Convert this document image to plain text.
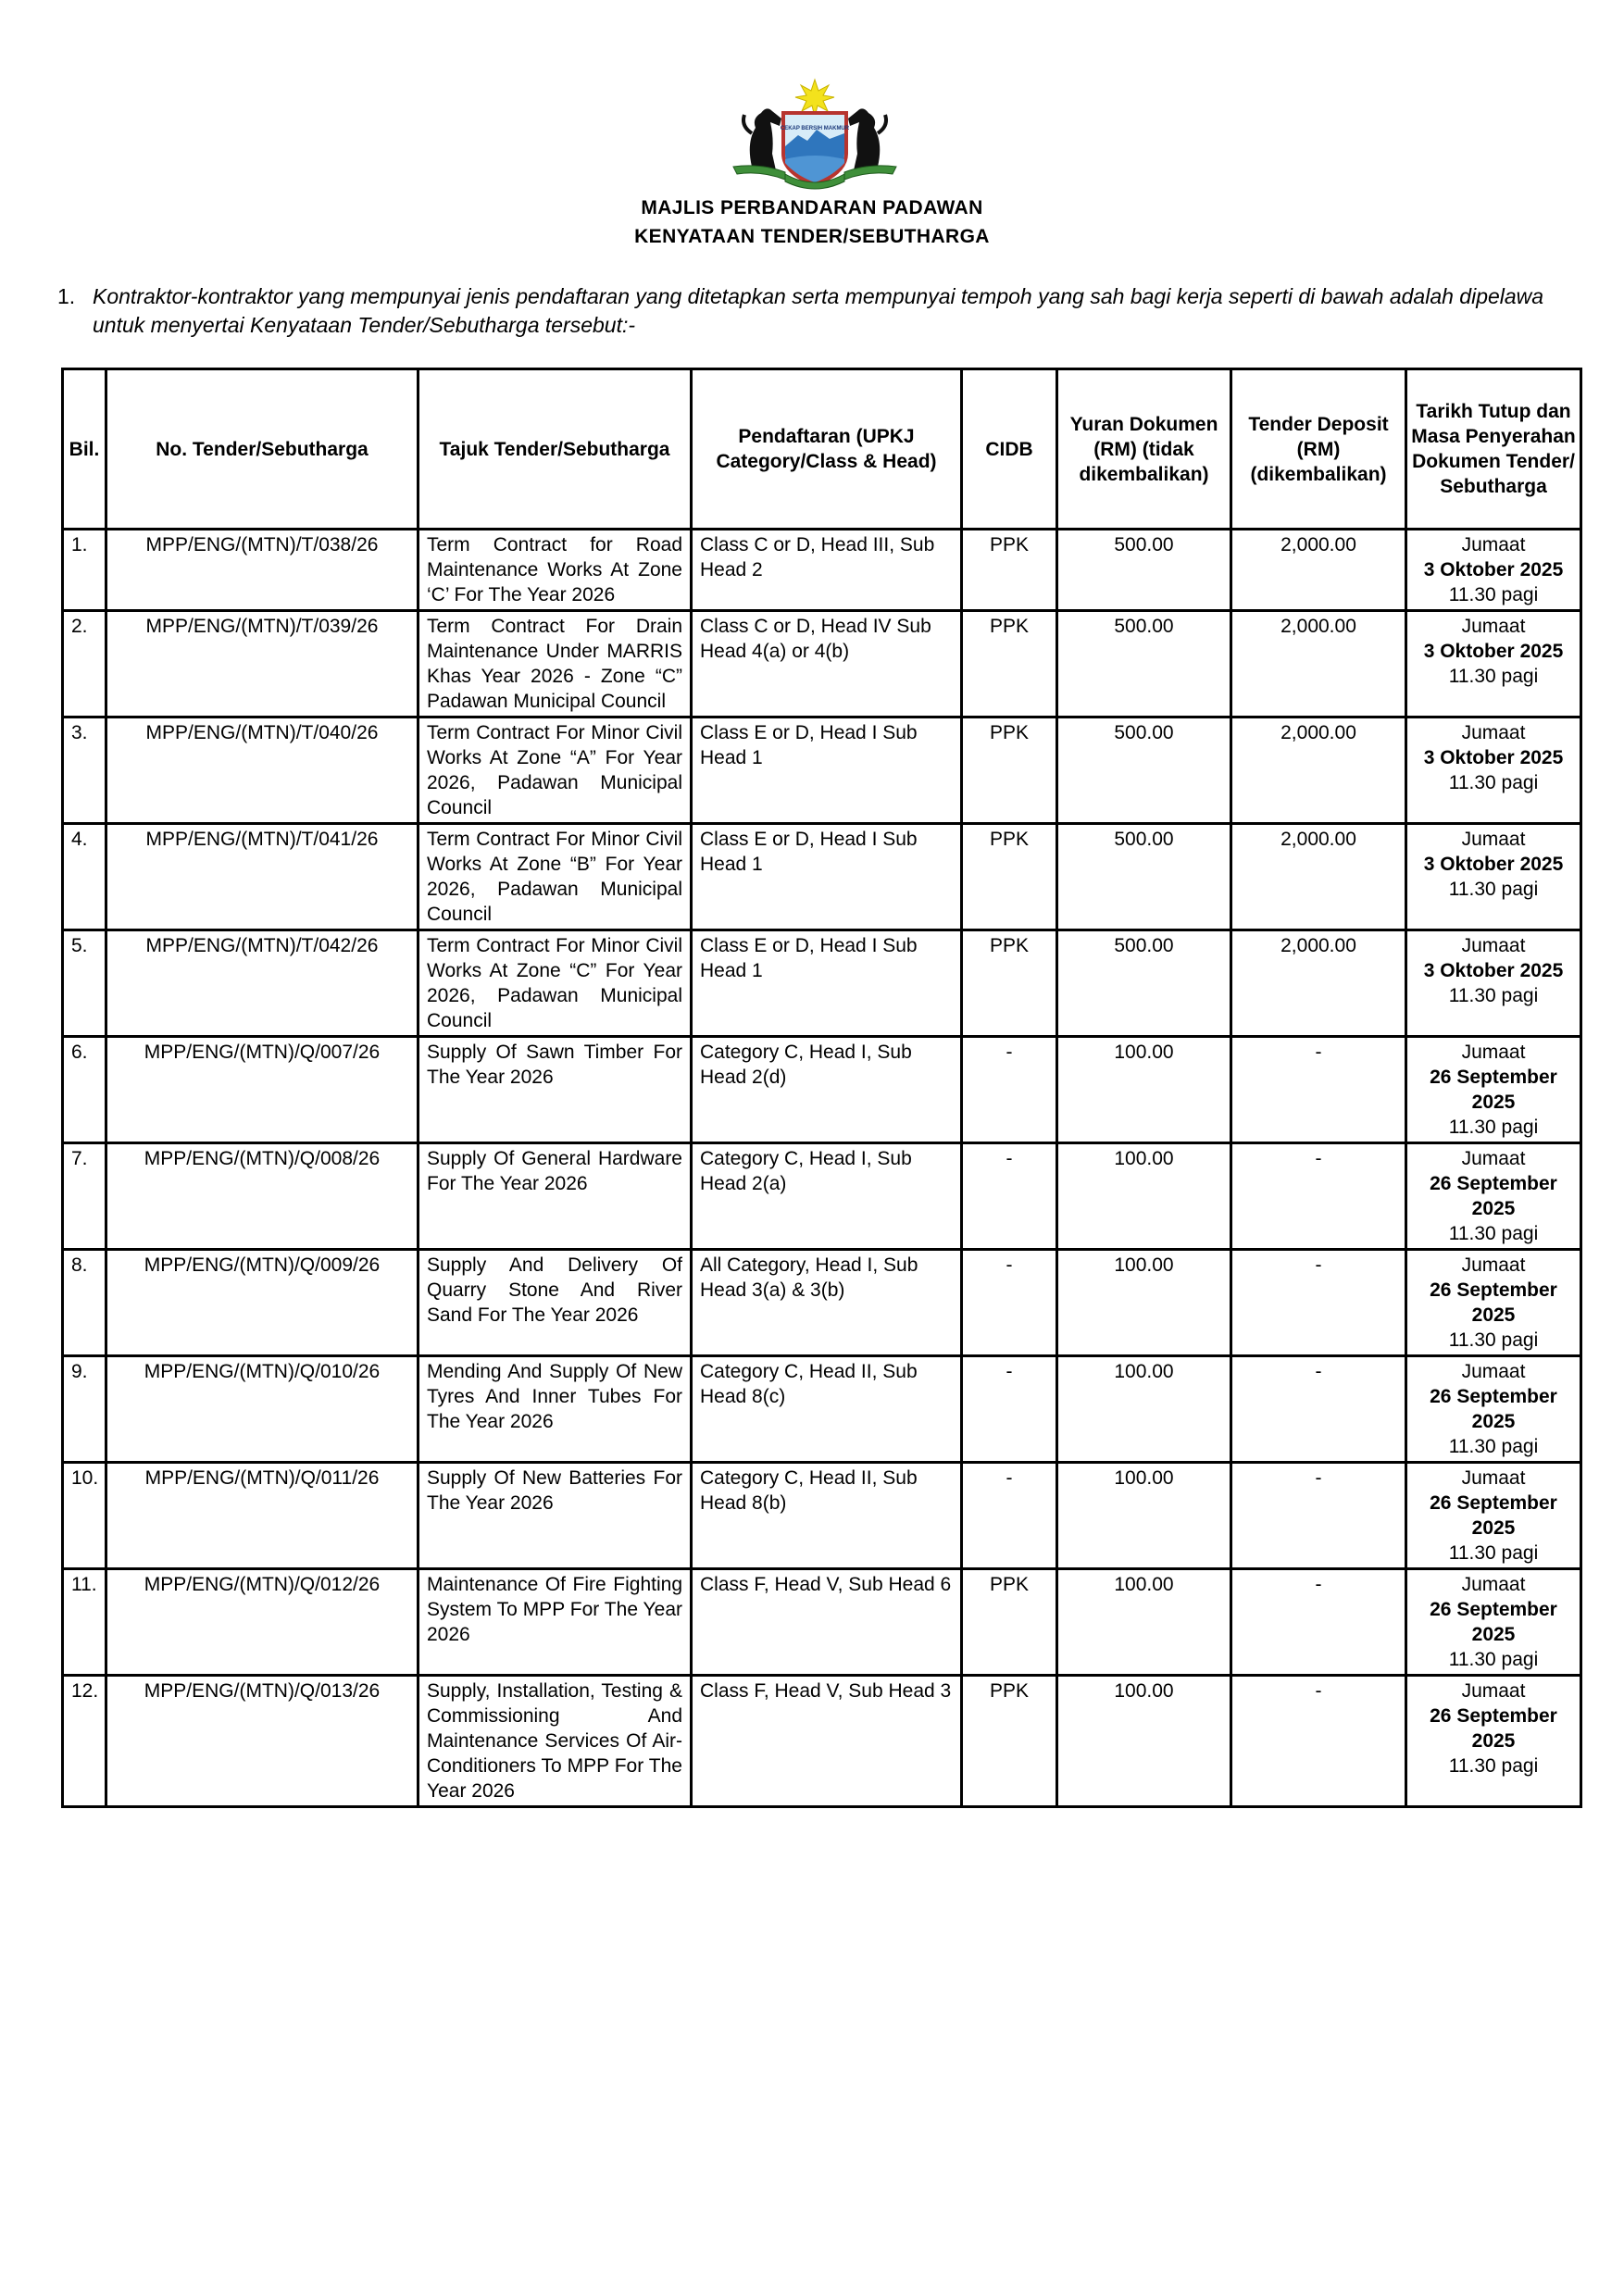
CEKAP BERSIH MAKMUR
MAJLIS PERBANDARAN PADAWAN
KENYATAAN TENDER/SEBUTHARGA
1. Kontraktor-kontraktor yang mempunyai jenis pendaftaran yang ditetapkan serta mempunyai tempoh yang sah bagi kerja seperti di bawah adalah dipelawa untuk menyertai Kenyataan Tender/Sebutharga tersebut:-
Bil.	No. Tender/Sebutharga	Tajuk Tender/Sebutharga	Pendaftaran (UPKJ Category/Class & Head)	CIDB	Yuran Dokumen (RM) (tidak dikembalikan)	Tender Deposit (RM) (dikembalikan)	Tarikh Tutup dan Masa Penyerahan Dokumen Tender/ Sebutharga
1.	MPP/ENG/(MTN)/T/038/26	Term Contract for Road Maintenance Works At Zone ‘C’ For The Year 2026	Class C or D, Head III, Sub Head 2	PPK	500.00	2,000.00	Jumaat
3 Oktober 2025
11.30 pagi

2.	MPP/ENG/(MTN)/T/039/26	Term Contract For Drain Maintenance Under MARRIS Khas Year 2026 - Zone “C” Padawan Municipal Council	Class C or D, Head IV Sub Head 4(a) or 4(b)	PPK	500.00	2,000.00	Jumaat
3 Oktober 2025
11.30 pagi

3.	MPP/ENG/(MTN)/T/040/26	Term Contract For Minor Civil Works At Zone “A” For Year 2026, Padawan Municipal Council	Class E or D, Head I Sub Head 1	PPK	500.00	2,000.00	Jumaat
3 Oktober 2025
11.30 pagi

4.	MPP/ENG/(MTN)/T/041/26	Term Contract For Minor Civil Works At Zone “B” For Year 2026, Padawan Municipal Council	Class E or D, Head I Sub Head 1	PPK	500.00	2,000.00	Jumaat
3 Oktober 2025
11.30 pagi

5.	MPP/ENG/(MTN)/T/042/26	Term Contract For Minor Civil Works At Zone “C” For Year 2026, Padawan Municipal Council	Class E or D, Head I Sub Head 1	PPK	500.00	2,000.00	Jumaat
3 Oktober 2025
11.30 pagi

6.	MPP/ENG/(MTN)/Q/007/26	Supply Of Sawn Timber For The Year 2026	Category C, Head I, Sub Head 2(d)	-	100.00	-	Jumaat
26 September 2025
11.30 pagi

7.	MPP/ENG/(MTN)/Q/008/26	Supply Of General Hardware For The Year 2026	Category C, Head I, Sub Head 2(a)	-	100.00	-	Jumaat
26 September 2025
11.30 pagi

8.	MPP/ENG/(MTN)/Q/009/26	Supply And Delivery Of Quarry Stone And River Sand For The Year 2026	All Category, Head I, Sub Head 3(a) & 3(b)	-	100.00	-	Jumaat
26 September 2025
11.30 pagi

9.	MPP/ENG/(MTN)/Q/010/26	Mending And Supply Of New Tyres And Inner Tubes For The Year 2026	Category C, Head II, Sub Head 8(c)	-	100.00	-	Jumaat
26 September 2025
11.30 pagi

10.	MPP/ENG/(MTN)/Q/011/26	Supply Of New Batteries For The Year 2026	Category C, Head II, Sub Head 8(b)	-	100.00	-	Jumaat
26 September 2025
11.30 pagi

11.	MPP/ENG/(MTN)/Q/012/26	Maintenance Of Fire Fighting System To MPP For The Year 2026	Class F, Head V, Sub Head 6	PPK	100.00	-	Jumaat
26 September 2025
11.30 pagi

12.	MPP/ENG/(MTN)/Q/013/26	Supply, Installation, Testing & Commissioning And Maintenance Services Of Air-Conditioners To MPP For The Year 2026	Class F, Head V, Sub Head 3	PPK	100.00	-	Jumaat
26 September 2025
11.30 pagi
